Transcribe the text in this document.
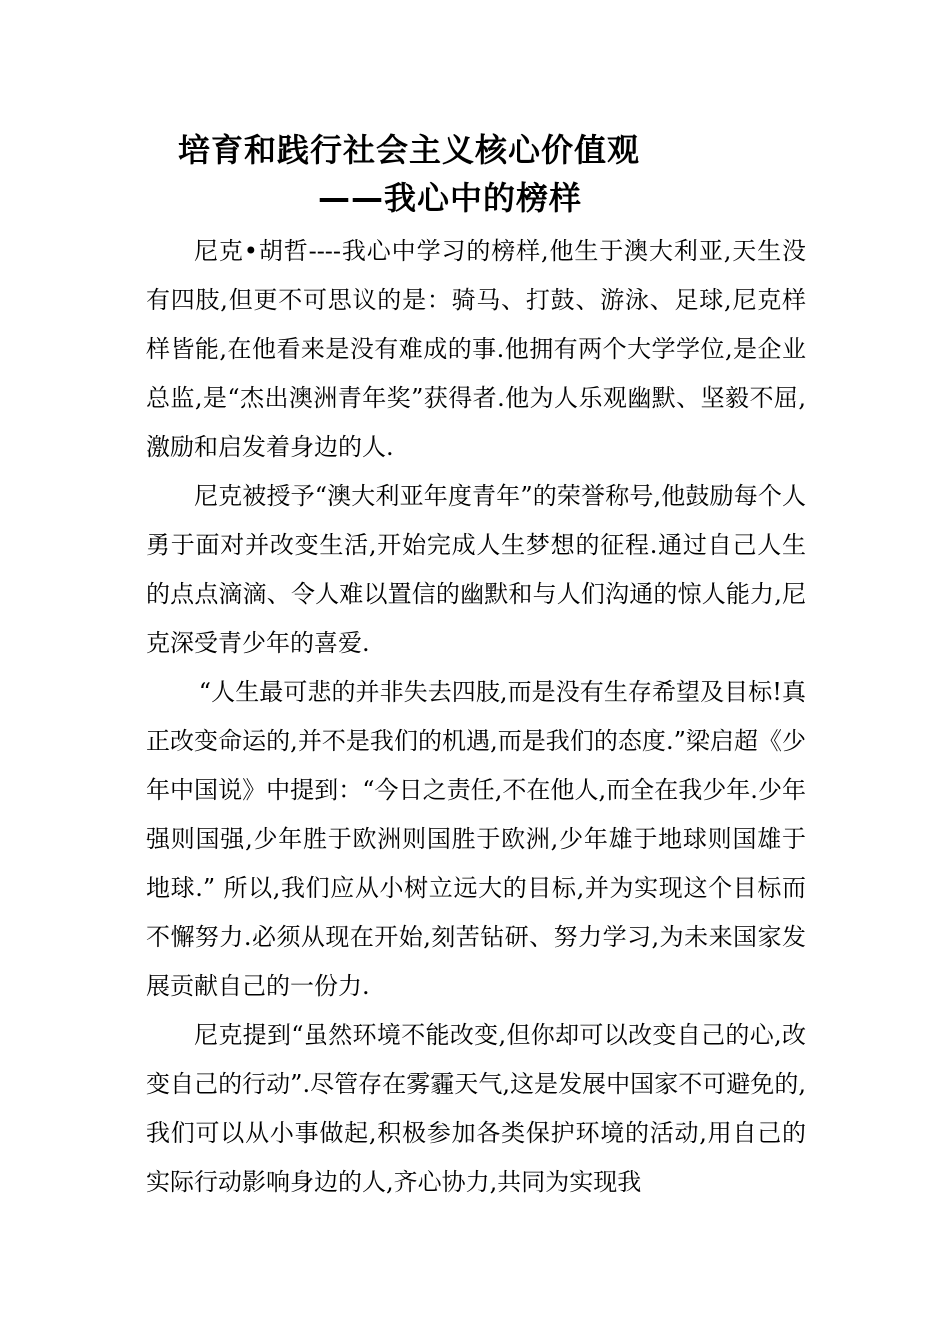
培育和践行社会主义核心价值观
——我心中的榜样

尼克•胡哲----我心中学习的榜样,他生于澳大利亚,天生没有四肢,但更不可思议的是：骑马、打鼓、游泳、足球,尼克样样皆能,在他看来是没有难成的事.他拥有两个大学学位,是企业总监,是“杰出澳洲青年奖”获得者.他为人乐观幽默、坚毅不屈,激励和启发着身边的人.

尼克被授予“澳大利亚年度青年”的荣誉称号,他鼓励每个人勇于面对并改变生活,开始完成人生梦想的征程.通过自己人生的点点滴滴、令人难以置信的幽默和与人们沟通的惊人能力,尼克深受青少年的喜爱.

“人生最可悲的并非失去四肢,而是没有生存希望及目标!真正改变命运的,并不是我们的机遇,而是我们的态度.”梁启超《少年中国说》中提到：“今日之责任,不在他人,而全在我少年.少年强则国强,少年胜于欧洲则国胜于欧洲,少年雄于地球则国雄于地球.” 所以,我们应从小树立远大的目标,并为实现这个目标而不懈努力.必须从现在开始,刻苦钻研、努力学习,为未来国家发展贡献自己的一份力.

尼克提到“虽然环境不能改变,但你却可以改变自己的心,改变自己的行动”.尽管存在雾霾天气,这是发展中国家不可避免的,我们可以从小事做起,积极参加各类保护环境的活动,用自己的实际行动影响身边的人,齐心协力,共同为实现我
